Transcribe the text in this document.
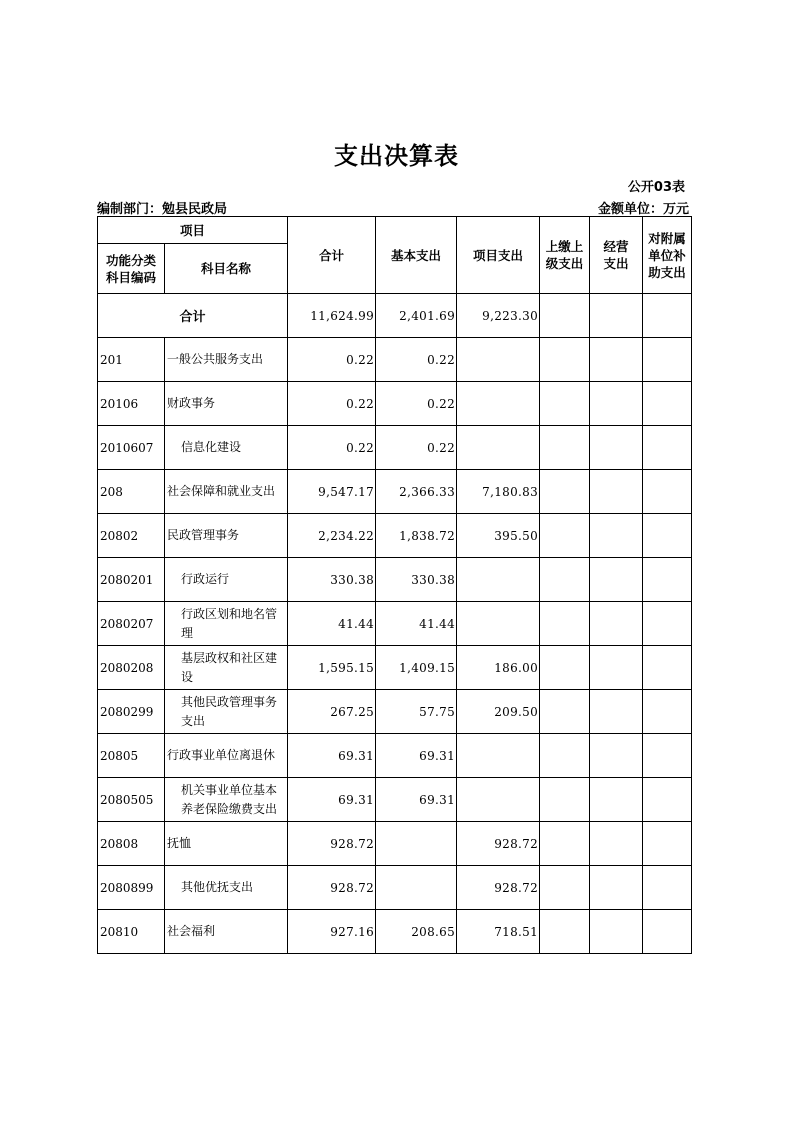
支出决算表
公开03表
编制部门：勉县民政局	金额单位：万元
项目		合计	基本支出	项目支出	上缴上级支出	经营支出	对附属单位补助支出
功能分类科目编码	科目名称						
合计		11,624.99	2,401.69	9,223.30			
201	一般公共服务支出	0.22	0.22				
20106	财政事务	0.22	0.22				
2010607	信息化建设	0.22	0.22				
208	社会保障和就业支出	9,547.17	2,366.33	7,180.83			
20802	民政管理事务	2,234.22	1,838.72	395.50			
2080201	行政运行	330.38	330.38				
2080207	行政区划和地名管理	41.44	41.44				
2080208	基层政权和社区建设	1,595.15	1,409.15	186.00			
2080299	其他民政管理事务支出	267.25	57.75	209.50			
20805	行政事业单位离退休	69.31	69.31				
2080505	机关事业单位基本养老保险缴费支出	69.31	69.31				
20808	抚恤	928.72		928.72			
2080899	其他优抚支出	928.72		928.72			
20810	社会福利	927.16	208.65	718.51			
